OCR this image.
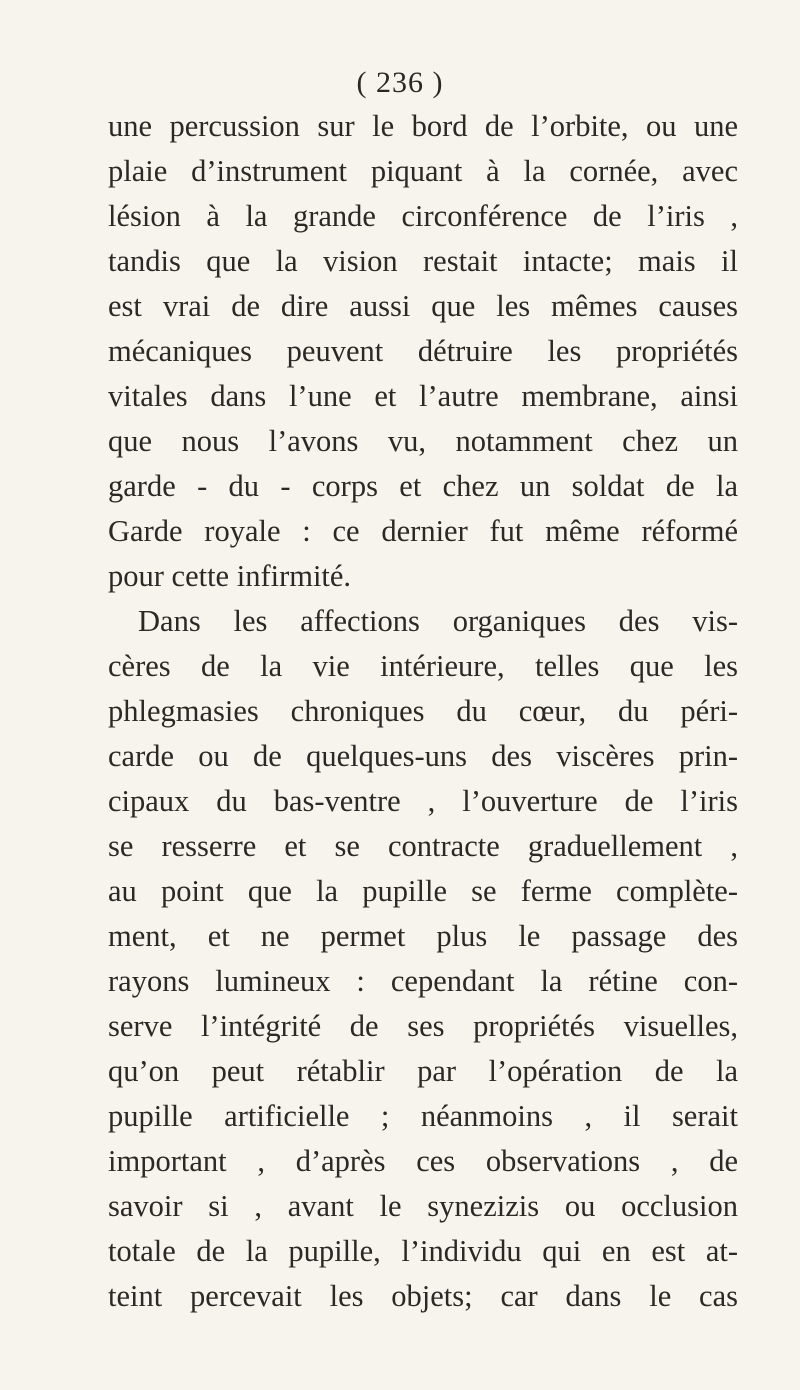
( 236 )
une percussion sur le bord de l’orbite, ou une
plaie d’instrument piquant à la cornée, avec
lésion à la grande circonférence de l’iris ,
tandis que la vision restait intacte; mais il
est vrai de dire aussi que les mêmes causes
mécaniques peuvent détruire les propriétés
vitales dans l’une et l’autre membrane, ainsi
que nous l’avons vu, notamment chez un
garde - du - corps et chez un soldat de la
Garde royale : ce dernier fut même réformé
pour cette infirmité.
Dans les affections organiques des vis-
cères de la vie intérieure, telles que les
phlegmasies chroniques du cœur, du péri-
carde ou de quelques-uns des viscères prin-
cipaux du bas-ventre , l’ouverture de l’iris
se resserre et se contracte graduellement ,
au point que la pupille se ferme complète-
ment, et ne permet plus le passage des
rayons lumineux : cependant la rétine con-
serve l’intégrité de ses propriétés visuelles,
qu’on peut rétablir par l’opération de la
pupille artificielle ; néanmoins , il serait
important , d’après ces observations , de
savoir si , avant le synezizis ou occlusion
totale de la pupille, l’individu qui en est at-
teint percevait les objets; car dans le cas
